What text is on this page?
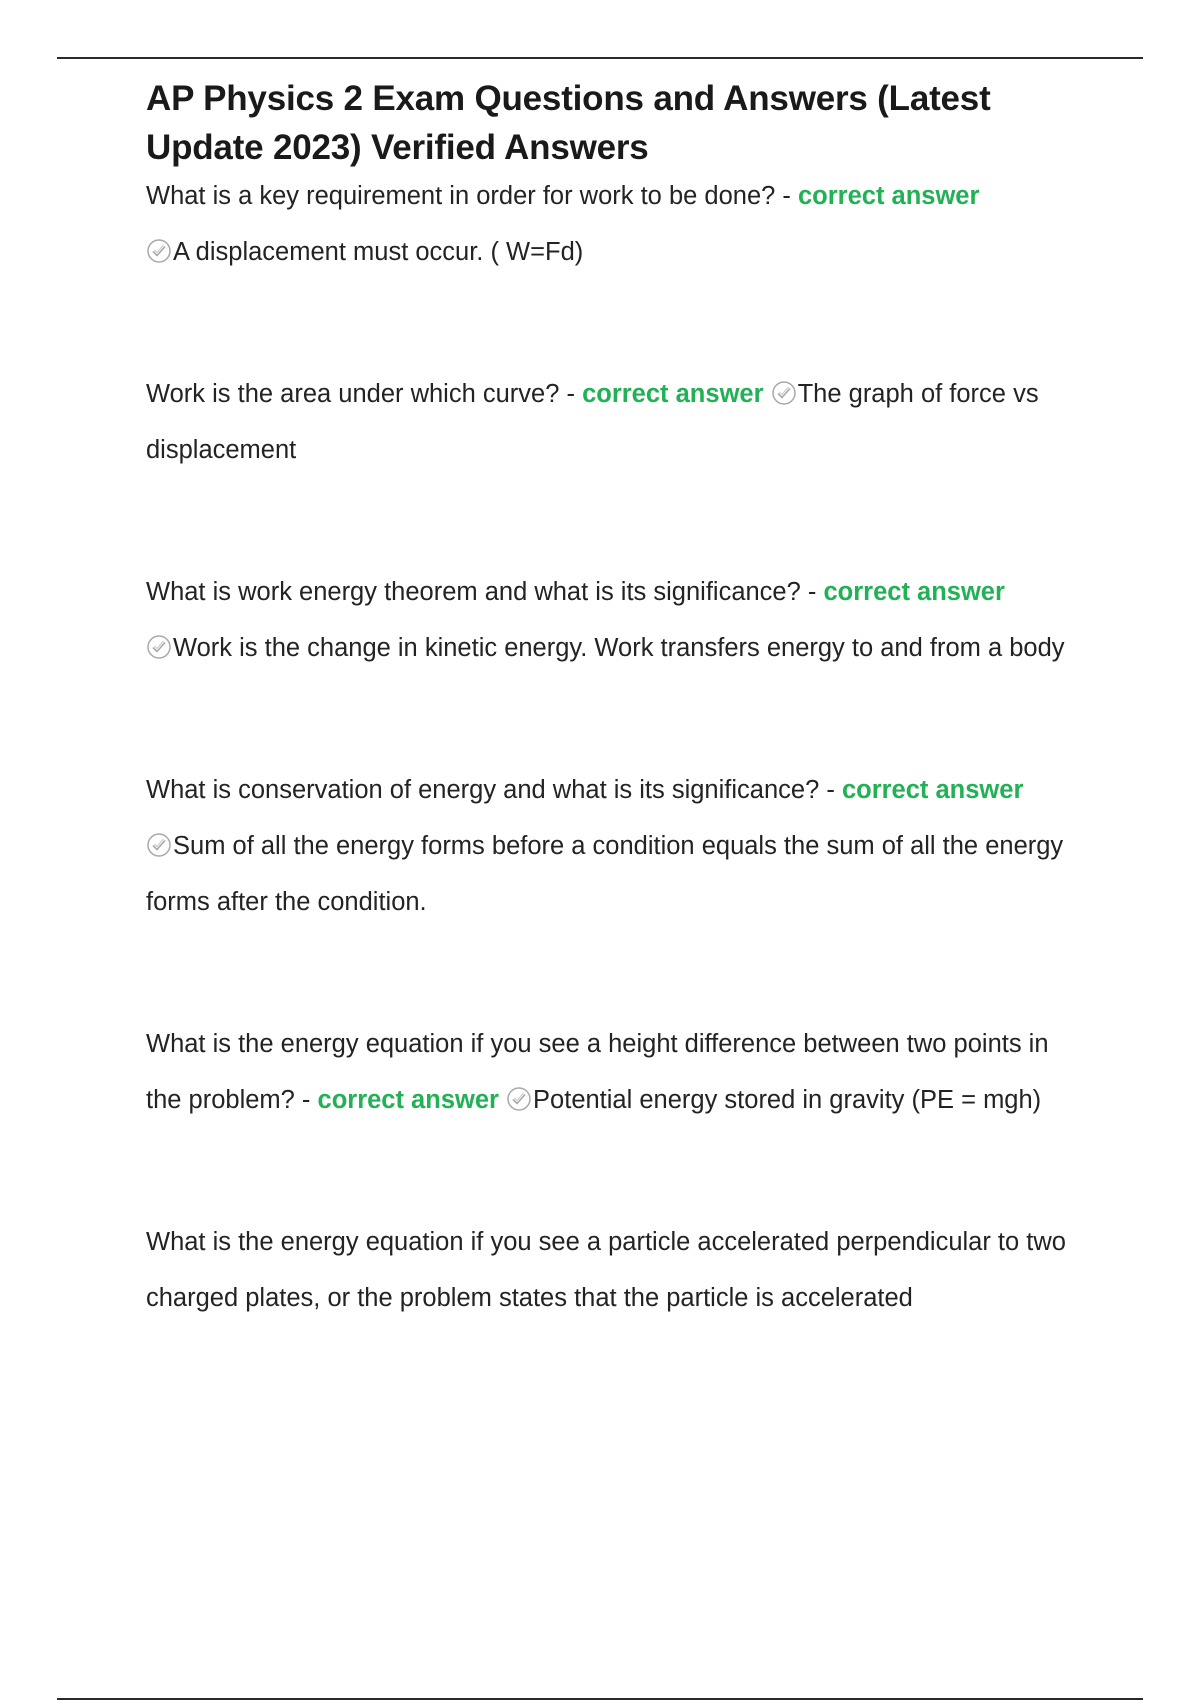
AP Physics 2 Exam Questions and Answers (Latest Update 2023) Verified Answers

What is a key requirement in order for work to be done? - correct answer

A displacement must occur. ( W=Fd)

Work is the area under which curve? - correct answer The graph of force vs displacement

What is work energy theorem and what is its significance? - correct answer

Work is the change in kinetic energy. Work transfers energy to and from a body

What is conservation of energy and what is its significance? - correct answer

Sum of all the energy forms before a condition equals the sum of all the energy forms after the condition.

What is the energy equation if you see a height difference between two points in the problem? - correct answer Potential energy stored in gravity (PE = mgh)

What is the energy equation if you see a particle accelerated perpendicular to two charged plates, or the problem states that the particle is accelerated
